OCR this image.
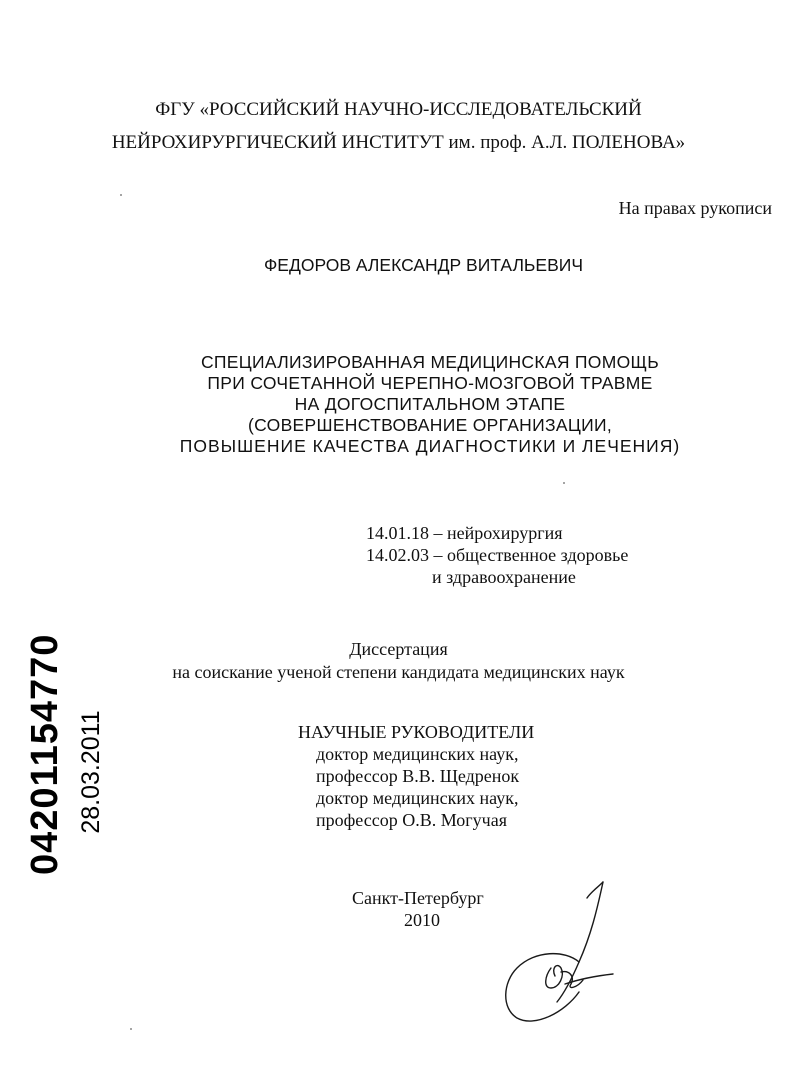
ФГУ «РОССИЙСКИЙ НАУЧНО-ИССЛЕДОВАТЕЛЬСКИЙ
НЕЙРОХИРУРГИЧЕСКИЙ ИНСТИТУТ им. проф. А.Л. ПОЛЕНОВА»
На правах рукописи
ФЕДОРОВ АЛЕКСАНДР ВИТАЛЬЕВИЧ
СПЕЦИАЛИЗИРОВАННАЯ МЕДИЦИНСКАЯ ПОМОЩЬ
ПРИ СОЧЕТАННОЙ ЧЕРЕПНО-МОЗГОВОЙ ТРАВМЕ
НА ДОГОСПИТАЛЬНОМ ЭТАПЕ
(СОВЕРШЕНСТВОВАНИЕ ОРГАНИЗАЦИИ,
ПОВЫШЕНИЕ КАЧЕСТВА ДИАГНОСТИКИ И ЛЕЧЕНИЯ)
14.01.18 – нейрохирургия
14.02.03 – общественное здоровье
и здравоохранение
Диссертация
на соискание ученой степени кандидата медицинских наук
НАУЧНЫЕ РУКОВОДИТЕЛИ
доктор медицинских наук,
профессор В.В. Щедренок
доктор медицинских наук,
профессор О.В. Могучая
Санкт-Петербург
2010
04201154770 28.03.2011
